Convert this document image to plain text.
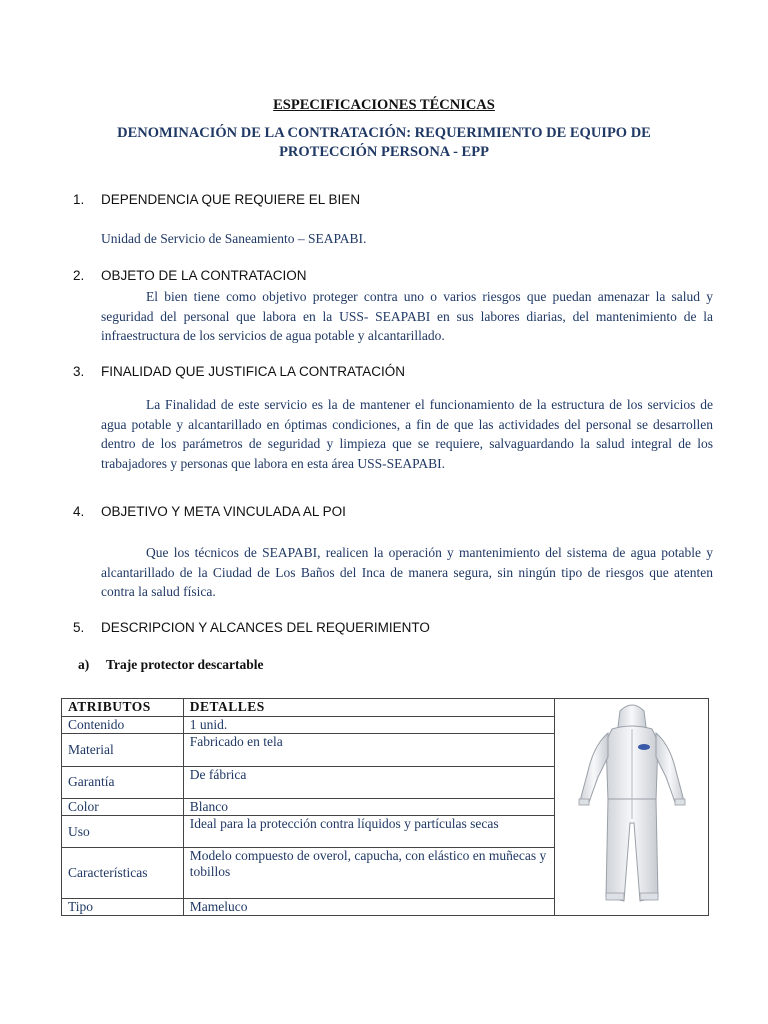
ESPECIFICACIONES TÉCNICAS
DENOMINACIÓN DE LA CONTRATACIÓN: REQUERIMIENTO DE EQUIPO DE PROTECCIÓN PERSONA - EPP
1. DEPENDENCIA QUE REQUIERE EL BIEN
Unidad de Servicio de Saneamiento – SEAPABI.
2. OBJETO DE LA CONTRATACION
El bien tiene como objetivo proteger contra uno o varios riesgos que puedan amenazar la salud y seguridad del personal que labora en la USS- SEAPABI en sus labores diarias, del mantenimiento de la infraestructura de los servicios de agua potable y alcantarillado.
3. FINALIDAD QUE JUSTIFICA LA CONTRATACIÓN
La Finalidad de este servicio es la de mantener el funcionamiento de la estructura de los servicios de agua potable y alcantarillado en óptimas condiciones, a fin de que las actividades del personal se desarrollen dentro de los parámetros de seguridad y limpieza que se requiere, salvaguardando la salud integral de los trabajadores y personas que labora en esta área USS-SEAPABI.
4. OBJETIVO Y META VINCULADA AL POI
Que los técnicos de SEAPABI, realicen la operación y mantenimiento del sistema de agua potable y alcantarillado de la Ciudad de Los Baños del Inca de manera segura, sin ningún tipo de riesgos que atenten contra la salud física.
5. DESCRIPCION Y ALCANCES DEL REQUERIMIENTO
a) Traje protector descartable
ATRIBUTOS	DETALLES	
Contenido	1 unid.	
Material	Fabricado en tela	
Garantía	De fábrica	
Color	Blanco	
Uso	Ideal para la protección contra líquidos y partículas secas	
Características	Modelo compuesto de overol, capucha, con elástico en muñecas y tobillos	
Tipo	Mameluco	
